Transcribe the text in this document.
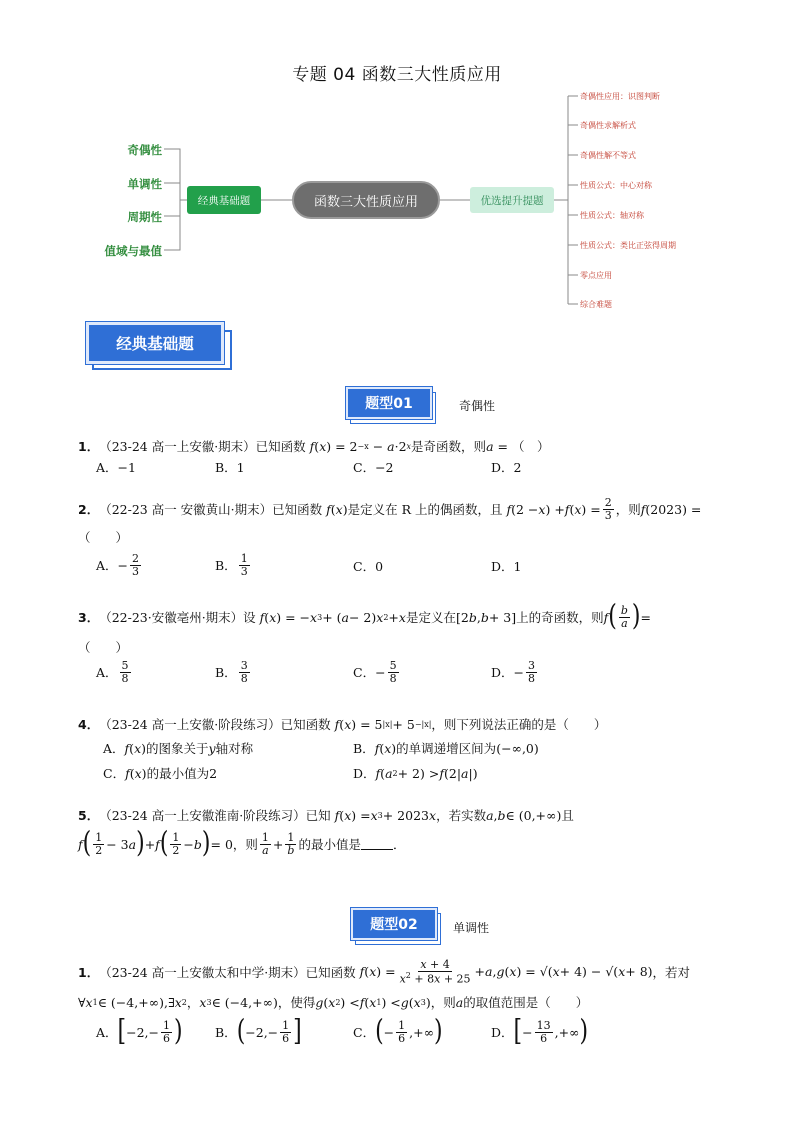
专题 04 函数三大性质应用
奇偶性
单调性
周期性
值域与最值
经典基础题	函数三大性质应用	优选提升提题
奇偶性应用：识图判断
奇偶性求解析式
奇偶性解不等式
性质公式：中心对称
性质公式：轴对称
性质公式：类比正弦得周期
零点应用
综合难题
经典基础题
题型01	奇偶性
1． （23-24 高一上安徽·期末）已知函数 f ( x ) = 2 −x − a ·2 x 是奇函数，则 a = （　）
A．−1	B．1	C．−2	D．2
2． （22-23 高一 安徽黄山·期末）已知函数 f ( x ) 是定义在 R 上的偶函数，且 f (2 − x ) + f ( x ) = $\frac{2}{3}$ ，则 f (2023) =
（　　）
A． − $\frac{2}{3}$	B． $\frac{1}{3}$	C．0	D．1
3． （22-23·安徽亳州·期末）设 f ( x ) = − x 3 + ( a − 2) x 2 + x 是定义在 [2 b , b + 3] 上的奇函数，则 f ( $\frac{b}{a}$ ) =
（　　）
A． $\frac{5}{8}$	B． $\frac{3}{8}$	C． − $\frac{5}{8}$	D． − $\frac{3}{8}$
4． （23-24 高一上安徽·阶段练习）已知函数 f ( x ) = 5 |x| + 5 −|x| ，则下列说法正确的是（　　）
A． f ( x ) 的图象关于 y 轴对称	B． f ( x ) 的单调递增区间为 (−∞,0)
C． f ( x ) 的最小值为 2	D． f ( a 2 + 2) > f (2| a |)
5． （23-24 高一上安徽淮南·阶段练习）已知 f ( x ) = x 3 + 2023 x ，若实数 a , b ∈ (0,+∞) 且
f ( $\frac{1}{2} - 3$ a ) + f ( $\frac{1}{2} - b$ ) = 0 ，则 $\frac{1}{a} + \frac{1}{b}$ 的最小值是	．
题型02	单调性
1． （23-24 高一上安徽太和中学·期末）已知函数 f ( x ) = $\frac{x + 4}{x^2 + 8x + 25} + a$ , g ( x ) = √( x + 4) − √( x + 8) ，若对
∀ x 1 ∈ (−4,+∞),∃ x 2 ， x 3 ∈ (−4,+∞) ，使得 g ( x 2 ) < f ( x 1 ) < g ( x 3 ) ，则 a 的取值范围是（　　）
A． [ $-2,- \frac{1}{6}$ )	B． ( $-2,- \frac{1}{6}$ ]	C． ( − $\frac{1}{6}$ ,+∞ )	D． [ − $\frac{13}{6}$ ,+∞ )
